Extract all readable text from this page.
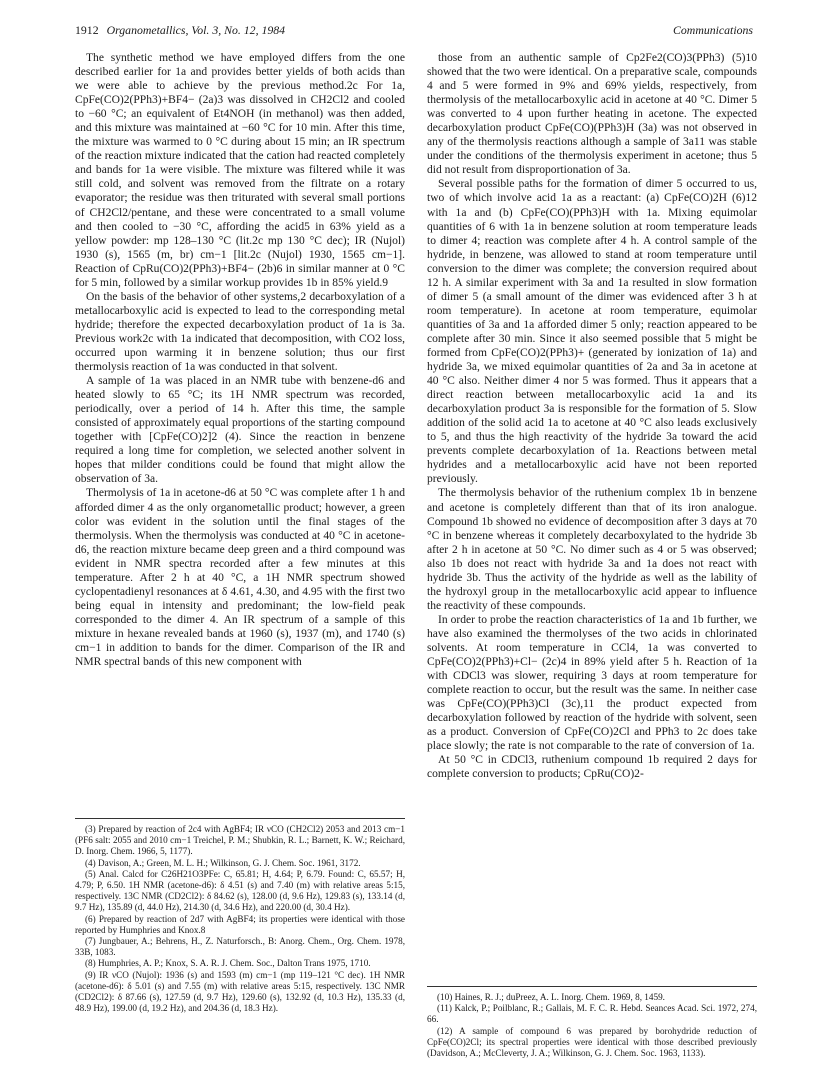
1912 Organometallics, Vol. 3, No. 12, 1984	Communications

The synthetic method we have employed differs from the one described earlier for 1a and provides better yields of both acids than we were able to achieve by the previous method.2c For 1a, CpFe(CO)2(PPh3)+BF4− (2a)3 was dissolved in CH2Cl2 and cooled to −60 °C; an equivalent of Et4NOH (in methanol) was then added, and this mixture was maintained at −60 °C for 10 min. After this time, the mixture was warmed to 0 °C during about 15 min; an IR spectrum of the reaction mixture indicated that the cation had reacted completely and bands for 1a were visible. The mixture was filtered while it was still cold, and solvent was removed from the filtrate on a rotary evaporator; the residue was then triturated with several small portions of CH2Cl2/pentane, and these were concentrated to a small volume and then cooled to −30 °C, affording the acid5 in 63% yield as a yellow powder: mp 128–130 °C (lit.2c mp 130 °C dec); IR (Nujol) 1930 (s), 1565 (m, br) cm−1 [lit.2c (Nujol) 1930, 1565 cm−1]. Reaction of CpRu(CO)2(PPh3)+BF4− (2b)6 in similar manner at 0 °C for 5 min, followed by a similar workup provides 1b in 85% yield.9

On the basis of the behavior of other systems,2 decarboxylation of a metallocarboxylic acid is expected to lead to the corresponding metal hydride; therefore the expected decarboxylation product of 1a is 3a. Previous work2c with 1a indicated that decomposition, with CO2 loss, occurred upon warming it in benzene solution; thus our first thermolysis reaction of 1a was conducted in that solvent.

A sample of 1a was placed in an NMR tube with benzene-d6 and heated slowly to 65 °C; its 1H NMR spectrum was recorded, periodically, over a period of 14 h. After this time, the sample consisted of approximately equal proportions of the starting compound together with [CpFe(CO)2]2 (4). Since the reaction in benzene required a long time for completion, we selected another solvent in hopes that milder conditions could be found that might allow the observation of 3a.

Thermolysis of 1a in acetone-d6 at 50 °C was complete after 1 h and afforded dimer 4 as the only organometallic product; however, a green color was evident in the solution until the final stages of the thermolysis. When the thermolysis was conducted at 40 °C in acetone-d6, the reaction mixture became deep green and a third compound was evident in NMR spectra recorded after a few minutes at this temperature. After 2 h at 40 °C, a 1H NMR spectrum showed cyclopentadienyl resonances at δ 4.61, 4.30, and 4.95 with the first two being equal in intensity and predominant; the low-field peak corresponded to the dimer 4. An IR spectrum of a sample of this mixture in hexane revealed bands at 1960 (s), 1937 (m), and 1740 (s) cm−1 in addition to bands for the dimer. Comparison of the IR and NMR spectral bands of this new component with

those from an authentic sample of Cp2Fe2(CO)3(PPh3) (5)10 showed that the two were identical. On a preparative scale, compounds 4 and 5 were formed in 9% and 69% yields, respectively, from thermolysis of the metallocarboxylic acid in acetone at 40 °C. Dimer 5 was converted to 4 upon further heating in acetone. The expected decarboxylation product CpFe(CO)(PPh3)H (3a) was not observed in any of the thermolysis reactions although a sample of 3a11 was stable under the conditions of the thermolysis experiment in acetone; thus 5 did not result from disproportionation of 3a.

Several possible paths for the formation of dimer 5 occurred to us, two of which involve acid 1a as a reactant: (a) CpFe(CO)2H (6)12 with 1a and (b) CpFe(CO)(PPh3)H with 1a. Mixing equimolar quantities of 6 with 1a in benzene solution at room temperature leads to dimer 4; reaction was complete after 4 h. A control sample of the hydride, in benzene, was allowed to stand at room temperature until conversion to the dimer was complete; the conversion required about 12 h. A similar experiment with 3a and 1a resulted in slow formation of dimer 5 (a small amount of the dimer was evidenced after 3 h at room temperature). In acetone at room temperature, equimolar quantities of 3a and 1a afforded dimer 5 only; reaction appeared to be complete after 30 min. Since it also seemed possible that 5 might be formed from CpFe(CO)2(PPh3)+ (generated by ionization of 1a) and hydride 3a, we mixed equimolar quantities of 2a and 3a in acetone at 40 °C also. Neither dimer 4 nor 5 was formed. Thus it appears that a direct reaction between metallocarboxylic acid 1a and its decarboxylation product 3a is responsible for the formation of 5. Slow addition of the solid acid 1a to acetone at 40 °C also leads exclusively to 5, and thus the high reactivity of the hydride 3a toward the acid prevents complete decarboxylation of 1a. Reactions between metal hydrides and a metallocarboxylic acid have not been reported previously.

The thermolysis behavior of the ruthenium complex 1b in benzene and acetone is completely different than that of its iron analogue. Compound 1b showed no evidence of decomposition after 3 days at 70 °C in benzene whereas it completely decarboxylated to the hydride 3b after 2 h in acetone at 50 °C. No dimer such as 4 or 5 was observed; also 1b does not react with hydride 3a and 1a does not react with hydride 3b. Thus the activity of the hydride as well as the lability of the hydroxyl group in the metallocarboxylic acid appear to influence the reactivity of these compounds.

In order to probe the reaction characteristics of 1a and 1b further, we have also examined the thermolyses of the two acids in chlorinated solvents. At room temperature in CCl4, 1a was converted to CpFe(CO)2(PPh3)+Cl− (2c)4 in 89% yield after 5 h. Reaction of 1a with CDCl3 was slower, requiring 3 days at room temperature for complete reaction to occur, but the result was the same. In neither case was CpFe(CO)(PPh3)Cl (3c),11 the product expected from decarboxylation followed by reaction of the hydride with solvent, seen as a product. Conversion of CpFe(CO)2Cl and PPh3 to 2c does take place slowly; the rate is not comparable to the rate of conversion of 1a.

At 50 °C in CDCl3, ruthenium compound 1b required 2 days for complete conversion to products; CpRu(CO)2-

(3) Prepared by reaction of 2c4 with AgBF4; IR νCO (CH2Cl2) 2053 and 2013 cm−1 (PF6 salt: 2055 and 2010 cm−1 Treichel, P. M.; Shubkin, R. L.; Barnett, K. W.; Reichard, D. Inorg. Chem. 1966, 5, 1177).

(4) Davison, A.; Green, M. L. H.; Wilkinson, G. J. Chem. Soc. 1961, 3172.

(5) Anal. Calcd for C26H21O3PFe: C, 65.81; H, 4.64; P, 6.79. Found: C, 65.57; H, 4.79; P, 6.50. 1H NMR (acetone-d6): δ 4.51 (s) and 7.40 (m) with relative areas 5:15, respectively. 13C NMR (CD2Cl2): δ 84.62 (s), 128.00 (d, 9.6 Hz), 129.83 (s), 133.14 (d, 9.7 Hz), 135.89 (d, 44.0 Hz), 214.30 (d, 34.6 Hz), and 220.00 (d, 30.4 Hz).

(6) Prepared by reaction of 2d7 with AgBF4; its properties were identical with those reported by Humphries and Knox.8

(7) Jungbauer, A.; Behrens, H., Z. Naturforsch., B: Anorg. Chem., Org. Chem. 1978, 33B, 1083.

(8) Humphries, A. P.; Knox, S. A. R. J. Chem. Soc., Dalton Trans 1975, 1710.

(9) IR νCO (Nujol): 1936 (s) and 1593 (m) cm−1 (mp 119–121 °C dec). 1H NMR (acetone-d6): δ 5.01 (s) and 7.55 (m) with relative areas 5:15, respectively. 13C NMR (CD2Cl2): δ 87.66 (s), 127.59 (d, 9.7 Hz), 129.60 (s), 132.92 (d, 10.3 Hz), 135.33 (d, 48.9 Hz), 199.00 (d, 19.2 Hz), and 204.36 (d, 18.3 Hz).

(10) Haines, R. J.; duPreez, A. L. Inorg. Chem. 1969, 8, 1459.

(11) Kalck, P.; Poilblanc, R.; Gallais, M. F. C. R. Hebd. Seances Acad. Sci. 1972, 274, 66.

(12) A sample of compound 6 was prepared by borohydride reduction of CpFe(CO)2Cl; its spectral properties were identical with those described previously (Davidson, A.; McCleverty, J. A.; Wilkinson, G. J. Chem. Soc. 1963, 1133).
